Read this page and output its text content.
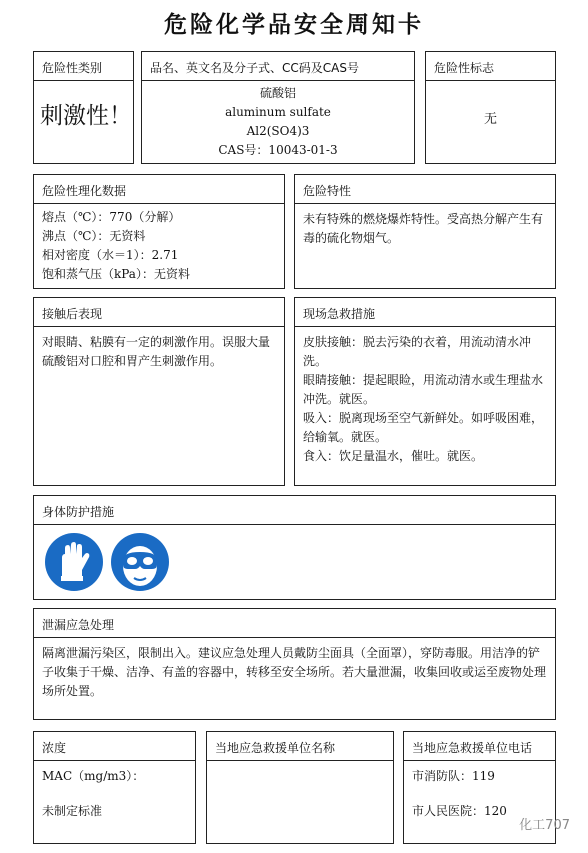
危险化学品安全周知卡
危险性类别
刺激性！
品名、英文名及分子式、CC码及CAS号
硫酸铝
aluminum sulfate
Al2(SO4)3
CAS号：10043-01-3
危险性标志
无
危险性理化数据
熔点（℃）：770（分解）
沸点（℃）：无资料
相对密度（水＝1）：2.71
饱和蒸气压（kPa）：无资料
危险特性
未有特殊的燃烧爆炸特性。受高热分解产生有毒的硫化物烟气。
接触后表现
对眼睛、粘膜有一定的刺激作用。误服大量硫酸铝对口腔和胃产生刺激作用。
现场急救措施
皮肤接触：脱去污染的衣着，用流动清水冲洗。
眼睛接触：提起眼睑，用流动清水或生理盐水冲洗。就医。
吸入：脱离现场至空气新鲜处。如呼吸困难，给输氧。就医。
食入：饮足量温水，催吐。就医。
身体防护措施
泄漏应急处理
隔离泄漏污染区，限制出入。建议应急处理人员戴防尘面具（全面罩），穿防毒服。用洁净的铲子收集于干燥、洁净、有盖的容器中，转移至安全场所。若大量泄漏，收集回收或运至废物处理场所处置。
浓度
MAC（mg/m3）：
未制定标准
当地应急救援单位名称	当地应急救援单位电话
市消防队：119
市人民医院：120
化工707
